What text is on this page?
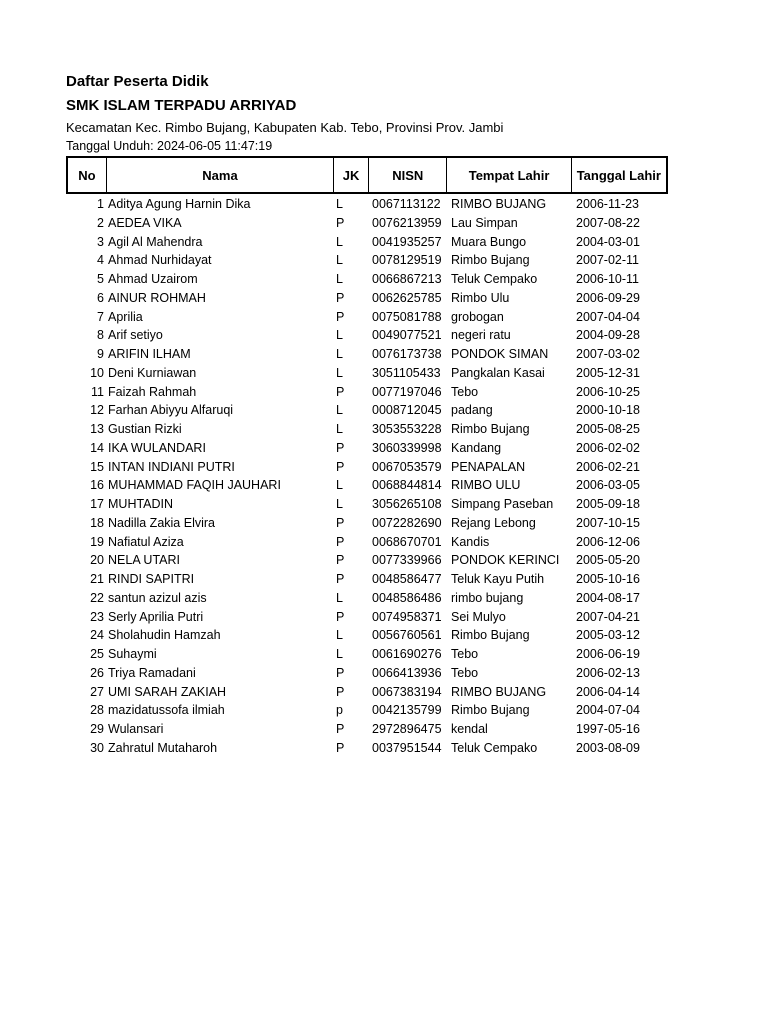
Daftar Peserta Didik
SMK ISLAM TERPADU ARRIYAD
Kecamatan Kec. Rimbo Bujang, Kabupaten Kab. Tebo, Provinsi Prov. Jambi
Tanggal Unduh: 2024-06-05 11:47:19
No	Nama	JK	NISN	Tempat Lahir	Tanggal Lahir
1 Aditya Agung Harnin Dika	L 0067113122 RIMBO BUJANG 2006-11-23
2 AEDEA VIKA	P 0076213959 Lau Simpan	2007-08-22
3 Agil Al Mahendra	L 0041935257 Muara Bungo	2004-03-01
4 Ahmad Nurhidayat	L 0078129519 Rimbo Bujang	2007-02-11
5 Ahmad Uzairom	L 0066867213 Teluk Cempako	2006-10-11
6 AINUR ROHMAH	P 0062625785 Rimbo Ulu	2006-09-29
7 Aprilia	P 0075081788 grobogan	2007-04-04
8 Arif setiyo	L 0049077521 negeri ratu	2004-09-28
9 ARIFIN ILHAM	L 0076173738 PONDOK SIMAN 2007-03-02
10 Deni Kurniawan	L 3051105433 Pangkalan Kasai 2005-12-31
11 Faizah Rahmah	P 0077197046 Tebo	2006-10-25
12 Farhan Abiyyu Alfaruqi	L 0008712045 padang	2000-10-18
13 Gustian Rizki	L 3053553228 Rimbo Bujang	2005-08-25
14 IKA WULANDARI	P 3060339998 Kandang	2006-02-02
15 INTAN INDIANI PUTRI	P 0067053579 PENAPALAN	2006-02-21
16 MUHAMMAD FAQIH JAUHARI	L 0068844814 RIMBO ULU	2006-03-05
17 MUHTADIN	L 3056265108 Simpang Paseban 2005-09-18
18 Nadilla Zakia Elvira	P 0072282690 Rejang Lebong	2007-10-15
19 Nafiatul Aziza	P 0068670701 Kandis	2006-12-06
20 NELA UTARI	P 0077339966 PONDOK KERINCI 2005-05-20
21 RINDI SAPITRI	P 0048586477 Teluk Kayu Putih	2005-10-16
22 santun azizul azis	L 0048586486 rimbo bujang	2004-08-17
23 Serly Aprilia Putri	P 0074958371 Sei Mulyo	2007-04-21
24 Sholahudin Hamzah	L 0056760561 Rimbo Bujang	2005-03-12
25 Suhaymi	L 0061690276 Tebo	2006-06-19
26 Triya Ramadani	P 0066413936 Tebo	2006-02-13
27 UMI SARAH ZAKIAH	P 0067383194 RIMBO BUJANG 2006-04-14
28 mazidatussofa ilmiah	p 0042135799 Rimbo Bujang	2004-07-04
29 Wulansari	P 2972896475 kendal	1997-05-16
30 Zahratul Mutaharoh	P 0037951544 Teluk Cempako	2003-08-09
